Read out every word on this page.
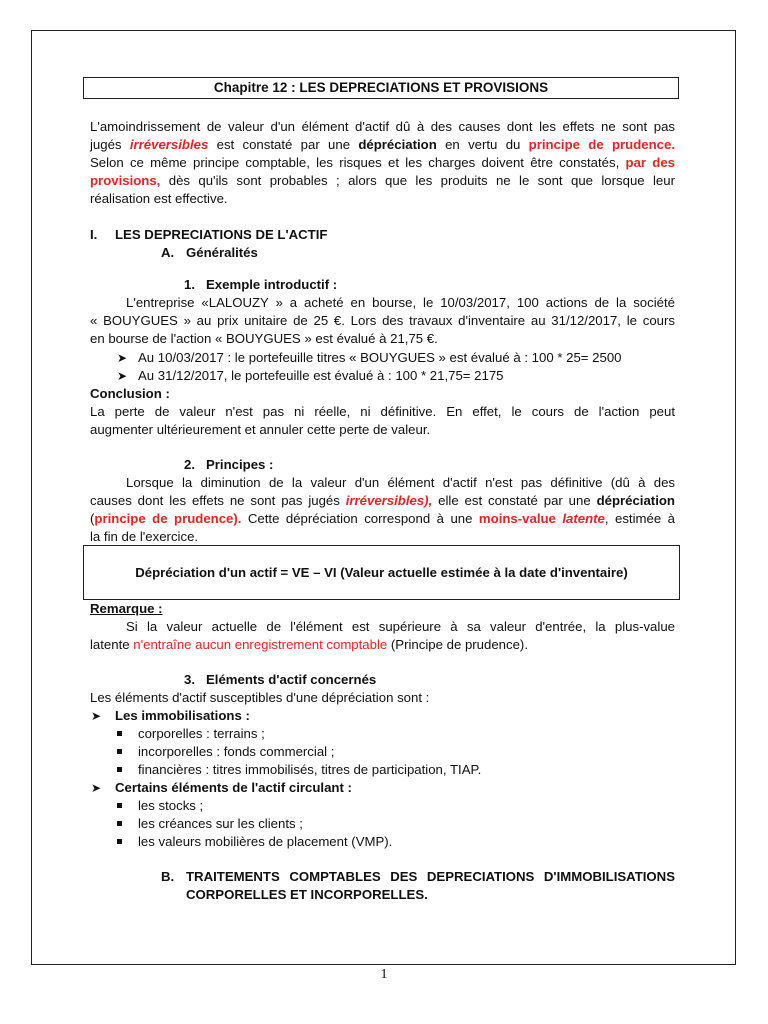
Chapitre 12 : LES DEPRECIATIONS ET PROVISIONS
L'amoindrissement de valeur d'un élément d'actif dû à des causes dont les effets ne sont pas
jugés irréversibles est constaté par une dépréciation en vertu du principe de prudence.
Selon ce même principe comptable, les risques et les charges doivent être constatés, par des
provisions, dès qu'ils sont probables ; alors que les produits ne le sont que lorsque leur
réalisation est effective.
I. LES DEPRECIATIONS DE L'ACTIF
A. Généralités
1. Exemple introductif :
L'entreprise «LALOUZY » a acheté en bourse, le 10/03/2017, 100 actions de la société
« BOUYGUES » au prix unitaire de 25 €. Lors des travaux d'inventaire au 31/12/2017, le cours
en bourse de l'action « BOUYGUES » est évalué à 21,75 €.
➤ Au 10/03/2017 : le portefeuille titres « BOUYGUES » est évalué à : 100 * 25= 2500
➤ Au 31/12/2017, le portefeuille est évalué à : 100 * 21,75= 2175
Conclusion :
La perte de valeur n'est pas ni réelle, ni définitive. En effet, le cours de l'action peut
augmenter ultérieurement et annuler cette perte de valeur.
2. Principes :
Lorsque la diminution de la valeur d'un élément d'actif n'est pas définitive (dû à des
causes dont les effets ne sont pas jugés irréversibles), elle est constaté par une dépréciation
(principe de prudence). Cette dépréciation correspond à une moins-value latente, estimée à
la fin de l'exercice.
Dépréciation d'un actif = VE – VI (Valeur actuelle estimée à la date d'inventaire)
Remarque :
Si la valeur actuelle de l'élément est supérieure à sa valeur d'entrée, la plus-value
latente n'entraîne aucun enregistrement comptable (Principe de prudence).
3. Eléments d'actif concernés
Les éléments d'actif susceptibles d'une dépréciation sont :
➤ Les immobilisations :
corporelles : terrains ;
incorporelles : fonds commercial ;
financières : titres immobilisés, titres de participation, TIAP.
➤ Certains éléments de l'actif circulant :
les stocks ;
les créances sur les clients ;
les valeurs mobilières de placement (VMP).
B. TRAITEMENTS COMPTABLES DES DEPRECIATIONS D'IMMOBILISATIONS
CORPORELLES ET INCORPORELLES.
1
